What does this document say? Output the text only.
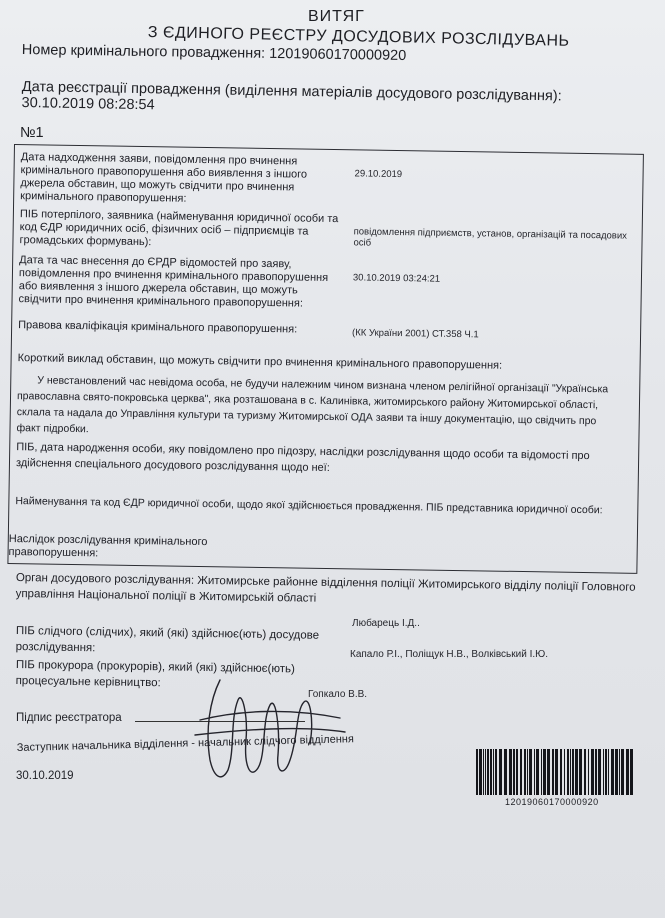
ВИТЯГ
З ЄДИНОГО РЕЄСТРУ ДОСУДОВИХ РОЗСЛІДУВАНЬ
Номер кримінального провадження: 12019060170000920
Дата реєстрації провадження (виділення матеріалів досудового розслідування): 30.10.2019 08:28:54
№1
Дата надходження заяви, повідомлення про вчинення кримінального правопорушення або виявлення з іншого джерела обставин, що можуть свідчити про вчинення кримінального правопорушення:
29.10.2019
ПІБ потерпілого, заявника (найменування юридичної особи та код ЄДР юридичних осіб, фізичних осіб – підприємців та громадських формувань):	повідомлення підприємств, установ, організацій та посадових осіб
Дата та час внесення до ЄРДР відомостей про заяву, повідомлення про вчинення кримінального правопорушення або виявлення з іншого джерела обставин, що можуть свідчити про вчинення кримінального правопорушення:
30.10.2019 03:24:21
Правова кваліфікація кримінального правопорушення:	(КК України 2001) СТ.358 Ч.1
Короткий виклад обставин, що можуть свідчити про вчинення кримінального правопорушення:
У невстановлений час невідома особа, не будучи належним чином визнана членом релігійної організації "Українська православна свято-покровська церква", яка розташована в с. Калинівка, житомирського району Житомирської області, склала та надала до Управління культури та туризму Житомирської ОДА заяви та іншу документацію, що свідчить про факт підробки.
ПІБ, дата народження особи, яку повідомлено про підозру, наслідки розслідування щодо особи та відомості про здійснення спеціального досудового розслідування щодо неї:
Найменування та код ЄДР юридичної особи, щодо якої здійснюється провадження. ПІБ представника юридичної особи:
Наслідок розслідування кримінального правопорушення:
Орган досудового розслідування: Житомирське районне відділення поліції Житомирського відділу поліції Головного управління Національної поліції в Житомирській області
ПІБ слідчого (слідчих), який (які) здійснює(ють) досудове розслідування:
Любарець І.Д..
ПІБ прокурора (прокурорів), який (які) здійснює(ють) процесуальне керівництво:
Капало Р.І., Поліщук Н.В., Волківський І.Ю.
Підпис реєстратора
Гопкало В.В.
Заступник начальника відділення - начальник слідчого відділення
30.10.2019
12019060170000920
